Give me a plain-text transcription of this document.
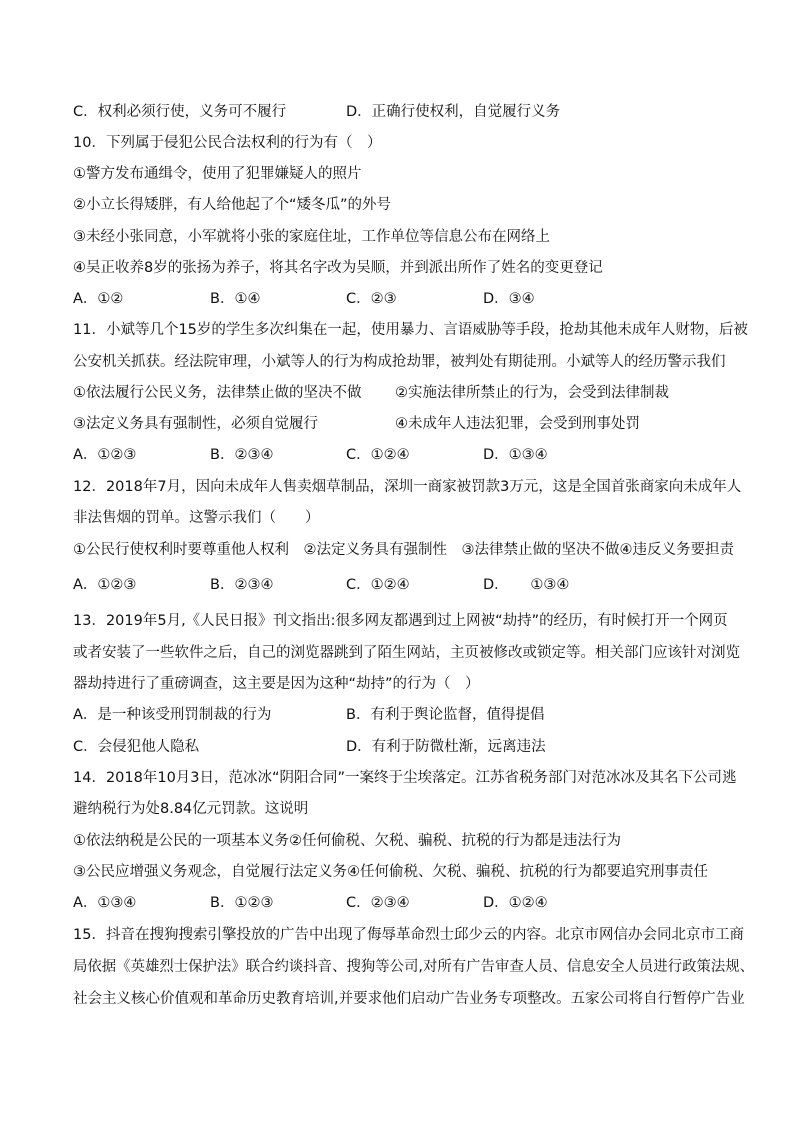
C．权利必须行使，义务可不履行	D．正确行使权利，自觉履行义务
10．下列属于侵犯公民合法权利的行为有（　）
①警方发布通缉令，使用了犯罪嫌疑人的照片
②小立长得矮胖，有人给他起了个“矮冬瓜”的外号
③未经小张同意，小军就将小张的家庭住址，工作单位等信息公布在网络上
④吴正收养8岁的张扬为养子，将其名字改为吴顺，并到派出所作了姓名的变更登记
A．①②	B．①④	C．②③	D．③④
11．小斌等几个15岁的学生多次纠集在一起，使用暴力、言语威胁等手段，抢劫其他未成年人财物，后被
公安机关抓获。经法院审理，小斌等人的行为构成抢劫罪，被判处有期徒刑。小斌等人的经历警示我们
①依法履行公民义务，法律禁止做的坚决不做 ②实施法律所禁止的行为，会受到法律制裁
③法定义务具有强制性，必须自觉履行	④未成年人违法犯罪，会受到刑事处罚
A．①②③	B．②③④	C．①②④	D．①③④
12．2018年7月，因向未成年人售卖烟草制品，深圳一商家被罚款3万元，这是全国首张商家向未成年人
非法售烟的罚单。这警示我们（　　）
①公民行使权利时要尊重他人权利　②法定义务具有强制性　③法律禁止做的坚决不做④违反义务要担责
A．①②③	B．②③④	C．①②④	D．　　①③④
13．2019年5月,《人民日报》刊文指出:很多网友都遇到过上网被“劫持”的经历，有时候打开一个网页
或者安装了一些软件之后，自己的浏览器跳到了陌生网站，主页被修改或锁定等。相关部门应该针对浏览
器劫持进行了重磅调查，这主要是因为这种“劫持”的行为（　）
A．是一种该受刑罚制裁的行为	B．有利于舆论监督，值得提倡
C．会侵犯他人隐私	D．有利于防微杜渐，远离违法
14．2018年10月3日，范冰冰“阴阳合同”一案终于尘埃落定。江苏省税务部门对范冰冰及其名下公司逃
避纳税行为处8.84亿元罚款。这说明
①依法纳税是公民的一项基本义务②任何偷税、欠税、骗税、抗税的行为都是违法行为
③公民应增强义务观念，自觉履行法定义务④任何偷税、欠税、骗税、抗税的行为都要追究刑事责任
A．①③④	B．①②③	C．②③④	D．①②④
15．抖音在搜狗搜索引擎投放的广告中出现了侮辱革命烈士邱少云的内容。北京市网信办会同北京市工商
局依据《英雄烈士保护法》联合约谈抖音、搜狗等公司,对所有广告审查人员、信息安全人员进行政策法规、
社会主义核心价值观和革命历史教育培训,并要求他们启动广告业务专项整改。五家公司将自行暂停广告业
